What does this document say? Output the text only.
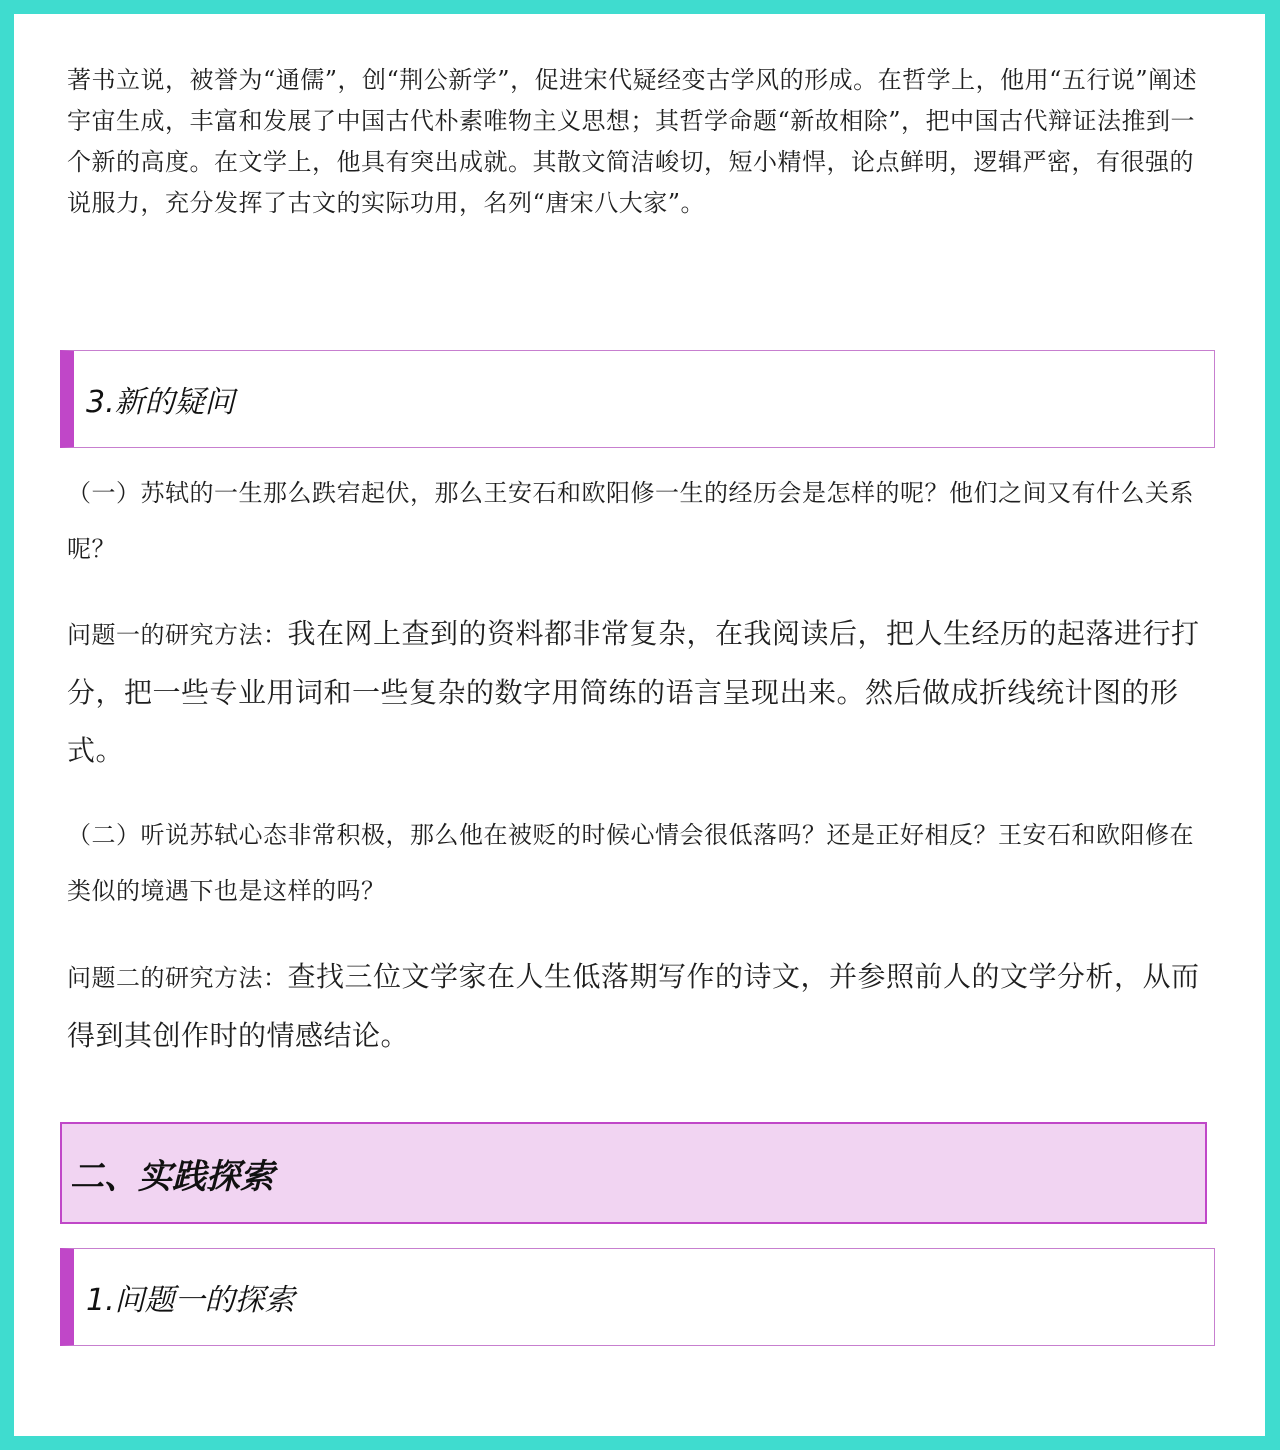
著书立说，被誉为“通儒”，创“荆公新学”，促进宋代疑经变古学风的形成。在哲学上，他用“五行说”阐述宇宙生成，丰富和发展了中国古代朴素唯物主义思想；其哲学命题“新故相除”，把中国古代辩证法推到一个新的高度。在文学上，他具有突出成就。其散文简洁峻切，短小精悍，论点鲜明，逻辑严密，有很强的说服力，充分发挥了古文的实际功用，名列“唐宋八大家”。

3.新的疑问

（一）苏轼的一生那么跌宕起伏，那么王安石和欧阳修一生的经历会是怎样的呢？他们之间又有什么关系呢？

问题一的研究方法：我在网上查到的资料都非常复杂，在我阅读后，把人生经历的起落进行打分，把一些专业用词和一些复杂的数字用简练的语言呈现出来。然后做成折线统计图的形式。

（二）听说苏轼心态非常积极，那么他在被贬的时候心情会很低落吗？还是正好相反？王安石和欧阳修在类似的境遇下也是这样的吗？

问题二的研究方法：查找三位文学家在人生低落期写作的诗文，并参照前人的文学分析，从而得到其创作时的情感结论。

二、实践探索
1.问题一的探索
